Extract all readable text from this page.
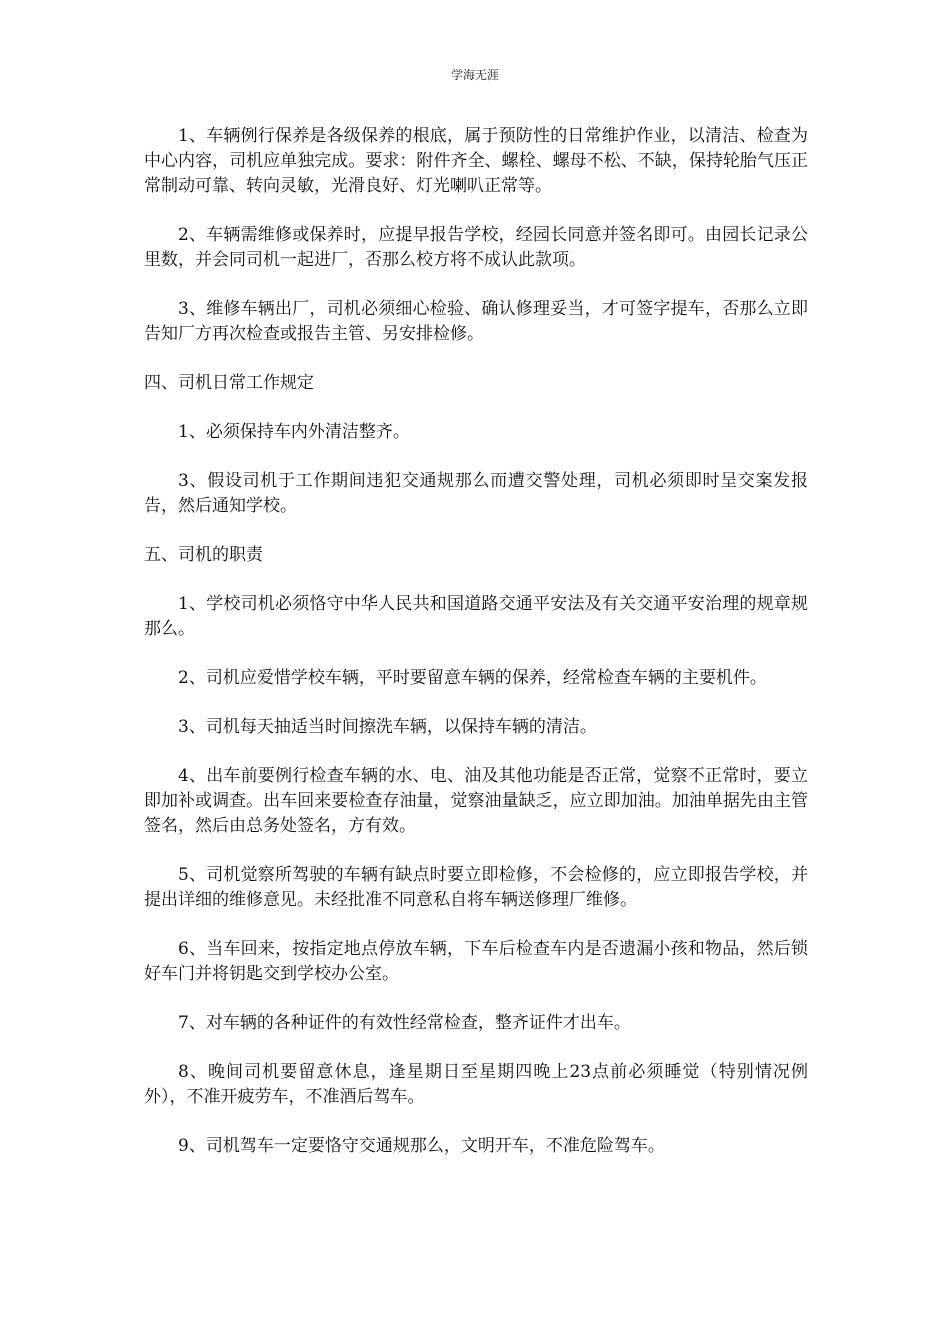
学海无涯

1、车辆例行保养是各级保养的根底，属于预防性的日常维护作业，以清洁、检查为中心内容，司机应单独完成。要求：附件齐全、螺栓、螺母不松、不缺，保持轮胎气压正常制动可靠、转向灵敏，光滑良好、灯光喇叭正常等。

2、车辆需维修或保养时，应提早报告学校，经园长同意并签名即可。由园长记录公里数，并会同司机一起进厂，否那么校方将不成认此款项。

3、维修车辆出厂，司机必须细心检验、确认修理妥当，才可签字提车，否那么立即告知厂方再次检查或报告主管、另安排检修。

四、司机日常工作规定

1、必须保持车内外清洁整齐。

3、假设司机于工作期间违犯交通规那么而遭交警处理，司机必须即时呈交案发报告，然后通知学校。

五、司机的职责

1、学校司机必须恪守中华人民共和国道路交通平安法及有关交通平安治理的规章规那么。

2、司机应爱惜学校车辆，平时要留意车辆的保养，经常检查车辆的主要机件。

3、司机每天抽适当时间擦洗车辆，以保持车辆的清洁。

4、出车前要例行检查车辆的水、电、油及其他功能是否正常，觉察不正常时，要立即加补或调查。出车回来要检查存油量，觉察油量缺乏，应立即加油。加油单据先由主管签名，然后由总务处签名，方有效。

5、司机觉察所驾驶的车辆有缺点时要立即检修，不会检修的，应立即报告学校，并提出详细的维修意见。未经批准不同意私自将车辆送修理厂维修。

6、当车回来，按指定地点停放车辆，下车后检查车内是否遗漏小孩和物品，然后锁好车门并将钥匙交到学校办公室。

7、对车辆的各种证件的有效性经常检查，整齐证件才出车。

8、晚间司机要留意休息，逢星期日至星期四晚上23点前必须睡觉（特别情况例外），不准开疲劳车，不准酒后驾车。

9、司机驾车一定要恪守交通规那么，文明开车，不准危险驾车。
